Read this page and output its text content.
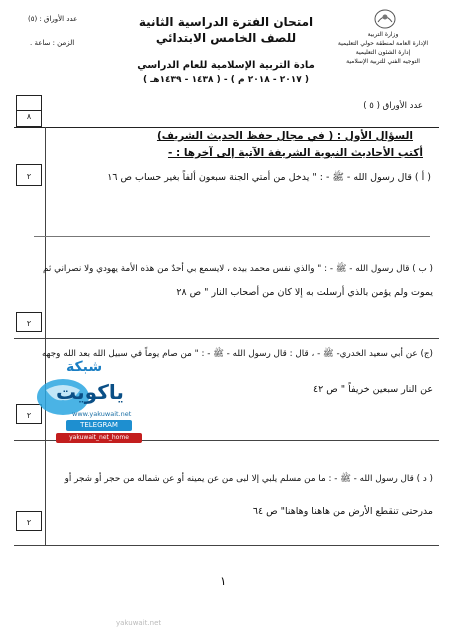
وزارة التربية
الإدارة العامة لمنطقة حولي التعليمية
إدارة الشئون التعليمية
التوجيه الفني للتربية الإسلامية
امتحان الفترة الدراسية الثانية
للصف الخامس الابتدائي
مادة التربية الإسلامية للعام الدراسي
( ٢٠١٧ - ٢٠١٨ م ) - ( ١٤٣٨ - ١٤٣٩هـ )
عدد الأوراق : (٥)
الزمن : ساعة .
عدد الأوراق ( ٥ )
٨
السؤال الأول : ( في مجال حفظ الحديث الشريف)
أكتب الأحاديث النبوية الشريفة الآتية إلى آخرها : -
( أ ) قال رسول الله - ﷺ - : " يدخل من أمتي الجنة سبعون ألفاً بغير حساب ص ١٦
٢
( ب ) قال رسول الله - ﷺ - : " والذي نفس محمد بيده ، لايسمع بي أحدٌ من هذه الأمة يهودي ولا نصراني ثم
يموت ولم يؤمن بالذي أرسلت به إلا كان من أصحاب النار " ص ٢٨
٢
(ج) عن أبي سعيد الخدري- ﷺ - ، قال : قال رسول الله - ﷺ - : " من صام يوماً في سبيل الله بعد الله وجهه
عن النار سبعين خريفاً " ص ٤٢
٢
( د ) قال رسول الله - ﷺ - : ما من مسلم يلبي إلا لبى من عن يمينه أو عن شماله من حجر أو شجر أو
مدرحتى تنقطع الأرض من هاهنا وهاهنا" ص ٦٤
٢
شبكة
ياكويت
www.yakuwait.net
TELEGRAM
yakuwait_net_home
yakuwait.net
١
